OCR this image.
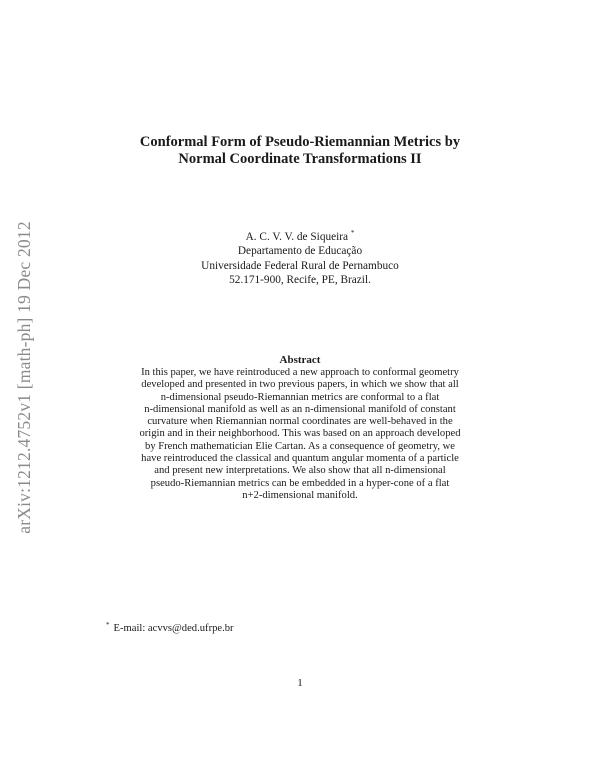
arXiv:1212.4752v1 [math-ph] 19 Dec 2012
Conformal Form of Pseudo-Riemannian Metrics by
Normal Coordinate Transformations II
A. C. V. V. de Siqueira *
Departamento de Educação
Universidade Federal Rural de Pernambuco
52.171-900, Recife, PE, Brazil.
Abstract
In this paper, we have reintroduced a new approach to conformal geometry
developed and presented in two previous papers, in which we show that all
n-dimensional pseudo-Riemannian metrics are conformal to a flat
n-dimensional manifold as well as an n-dimensional manifold of constant
curvature when Riemannian normal coordinates are well-behaved in the
origin and in their neighborhood. This was based on an approach developed
by French mathematician Elie Cartan. As a consequence of geometry, we
have reintroduced the classical and quantum angular momenta of a particle
and present new interpretations. We also show that all n-dimensional
pseudo-Riemannian metrics can be embedded in a hyper-cone of a flat
n+2-dimensional manifold.
* E-mail: acvvs@ded.ufrpe.br
1
